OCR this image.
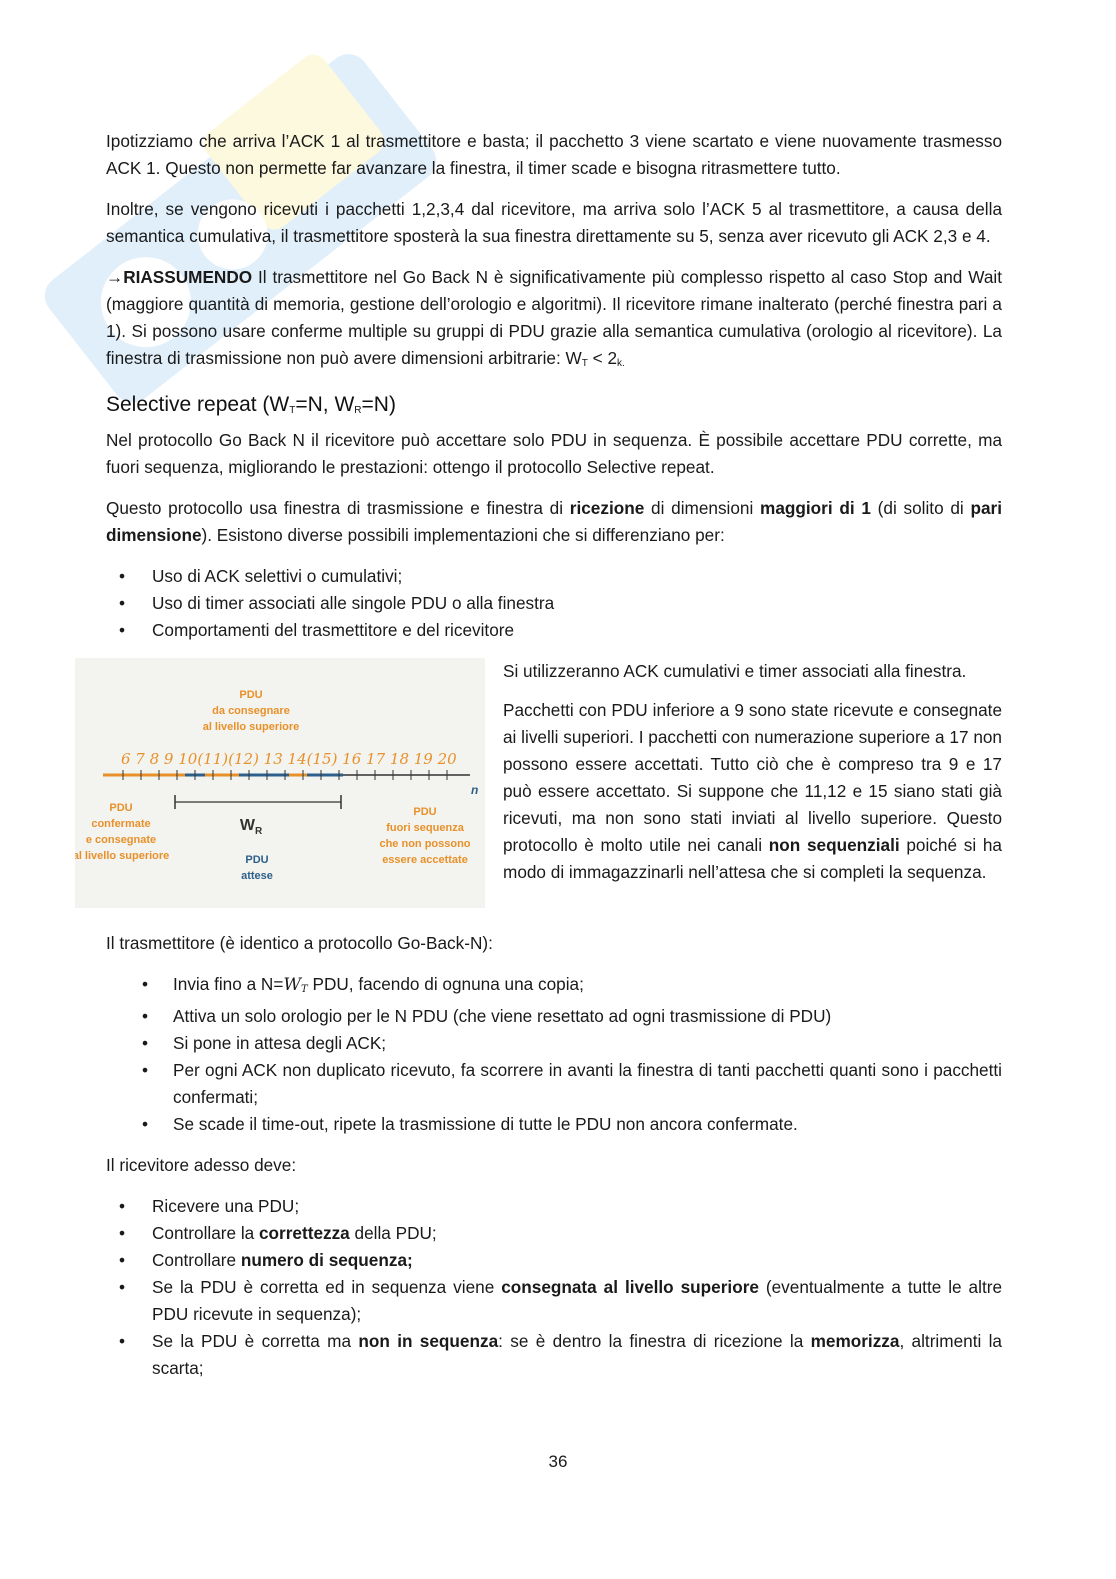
Ipotizziamo che arriva l’ACK 1 al trasmettitore e basta; il pacchetto 3 viene scartato e viene nuovamente trasmesso ACK 1. Questo non permette far avanzare la finestra, il timer scade e bisogna ritrasmettere tutto.

Inoltre, se vengono ricevuti i pacchetti 1,2,3,4 dal ricevitore, ma arriva solo l’ACK 5 al trasmettitore, a causa della semantica cumulativa, il trasmettitore sposterà la sua finestra direttamente su 5, senza aver ricevuto gli ACK 2,3 e 4.

→RIASSUMENDO Il trasmettitore nel Go Back N è significativamente più complesso rispetto al caso Stop and Wait (maggiore quantità di memoria, gestione dell’orologio e algoritmi). Il ricevitore rimane inalterato (perché finestra pari a 1). Si possono usare conferme multiple su gruppi di PDU grazie alla semantica cumulativa (orologio al ricevitore). La finestra di trasmissione non può avere dimensioni arbitrarie: $W_T < 2_{k.}$

Selective repeat ($W_T=N$, $W_R=N$)

Nel protocollo Go Back N il ricevitore può accettare solo PDU in sequenza. È possibile accettare PDU corrette, ma fuori sequenza, migliorando le prestazioni: ottengo il protocollo Selective repeat.

Questo protocollo usa finestra di trasmissione e finestra di ricezione di dimensioni maggiori di 1 (di solito di pari dimensione). Esistono diverse possibili implementazioni che si differenziano per:

• Uso di ACK selettivi o cumulativi;
• Uso di timer associati alle singole PDU o alla finestra
• Comportamenti del trasmettitore e del ricevitore
PDU
da consegnare
al livello superiore
6 7 8 9 10(11)(12) 13 14(15) 16 17 18 19 20
n
$W_R$
PDU
attese
PDU
confermate
e consegnate
al livello superiore
PDU
fuori sequenza
che non possono
essere accettate

Si utilizzeranno ACK cumulativi e timer associati alla finestra.

Pacchetti con PDU inferiore a 9 sono state ricevute e consegnate ai livelli superiori. I pacchetti con numerazione superiore a 17 non possono essere accettati. Tutto ciò che è compreso tra 9 e 17 può essere accettato. Si suppone che 11,12 e 15 siano stati già ricevuti, ma non sono stati inviati al livello superiore. Questo protocollo è molto utile nei canali non sequenziali poiché si ha modo di immagazzinarli nell’attesa che si completi la sequenza.

Il trasmettitore (è identico a protocollo Go-Back-N):

• Invia fino a $N=W_T$ PDU, facendo di ognuna una copia;
• Attiva un solo orologio per le N PDU (che viene resettato ad ogni trasmissione di PDU)
• Si pone in attesa degli ACK;
• Per ogni ACK non duplicato ricevuto, fa scorrere in avanti la finestra di tanti pacchetti quanti sono i pacchetti confermati;
• Se scade il time-out, ripete la trasmissione di tutte le PDU non ancora confermate.

Il ricevitore adesso deve:

• Ricevere una PDU;
• Controllare la correttezza della PDU;
• Controllare numero di sequenza;
• Se la PDU è corretta ed in sequenza viene consegnata al livello superiore (eventualmente a tutte le altre PDU ricevute in sequenza);
• Se la PDU è corretta ma non in sequenza: se è dentro la finestra di ricezione la memorizza, altrimenti la scarta;
36
